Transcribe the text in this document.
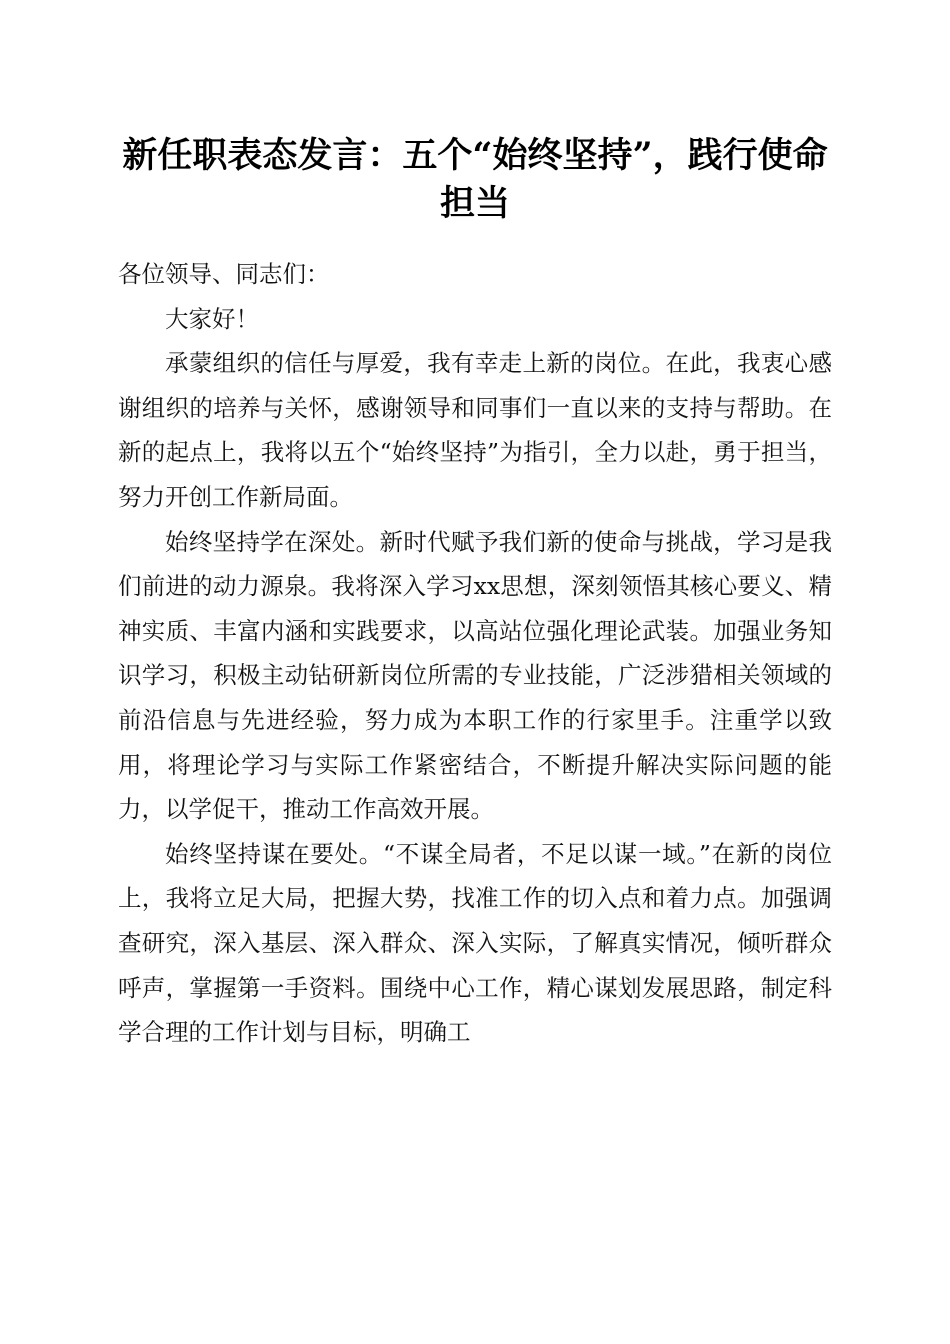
新任职表态发言：五个“始终坚持”，践行使命担当

各位领导、同志们：

大家好！

承蒙组织的信任与厚爱，我有幸走上新的岗位。在此，我衷心感谢组织的培养与关怀，感谢领导和同事们一直以来的支持与帮助。在新的起点上，我将以五个“始终坚持”为指引，全力以赴，勇于担当，努力开创工作新局面。

始终坚持学在深处。新时代赋予我们新的使命与挑战，学习是我们前进的动力源泉。我将深入学习xx思想，深刻领悟其核心要义、精神实质、丰富内涵和实践要求，以高站位强化理论武装。加强业务知识学习，积极主动钻研新岗位所需的专业技能，广泛涉猎相关领域的前沿信息与先进经验，努力成为本职工作的行家里手。注重学以致用，将理论学习与实际工作紧密结合，不断提升解决实际问题的能力，以学促干，推动工作高效开展。

始终坚持谋在要处。“不谋全局者，不足以谋一域。”在新的岗位上，我将立足大局，把握大势，找准工作的切入点和着力点。加强调查研究，深入基层、深入群众、深入实际，了解真实情况，倾听群众呼声，掌握第一手资料。围绕中心工作，精心谋划发展思路，制定科学合理的工作计划与目标，明确工
